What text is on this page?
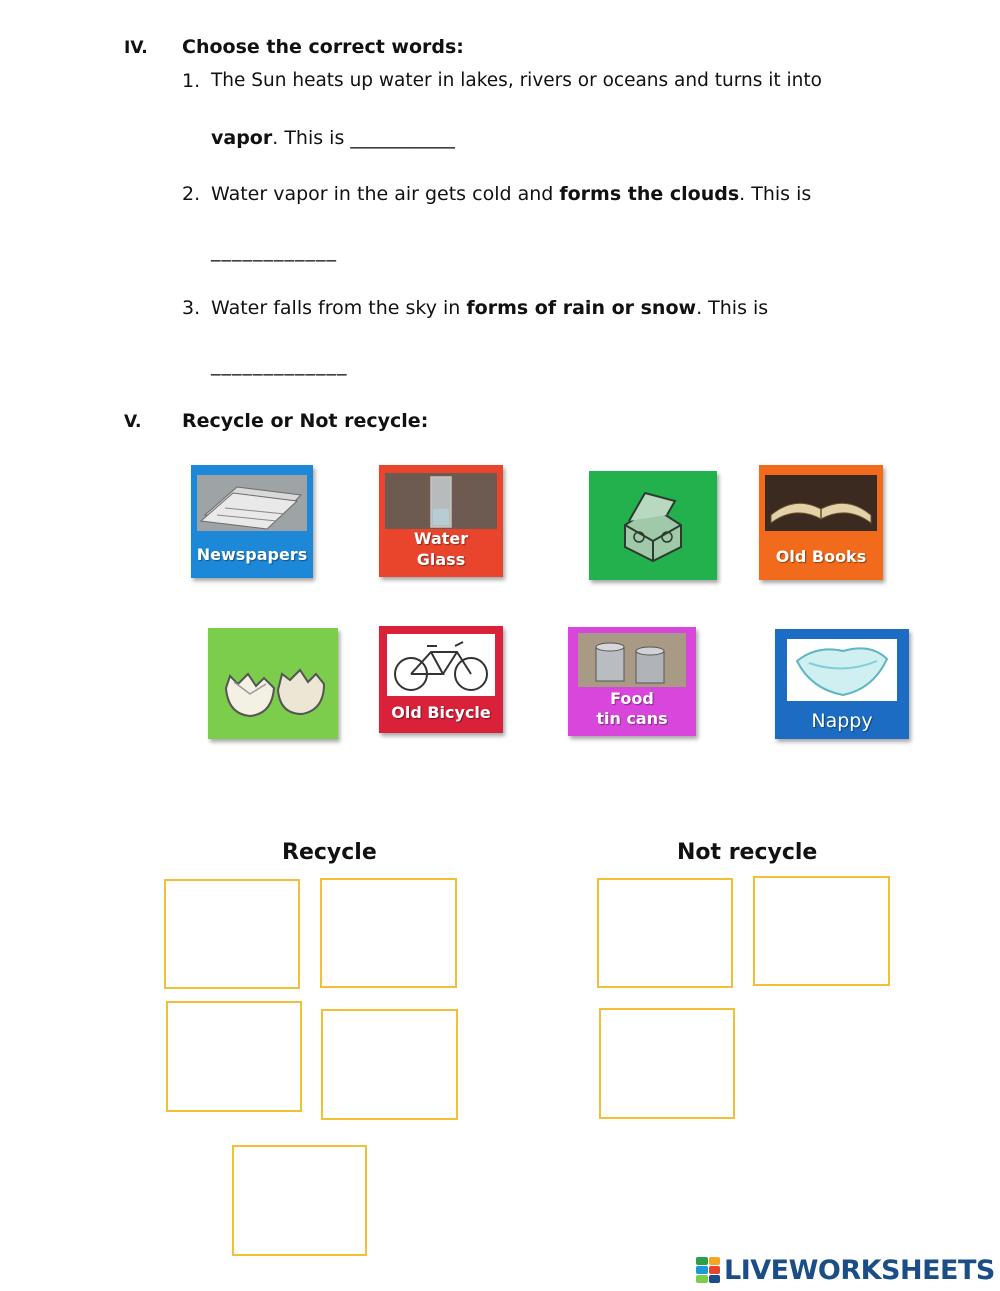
IV. Choose the correct words:
1. The Sun heats up water in lakes, rivers or oceans and turns it into
vapor. This is ___________
2. Water vapor in the air gets cold and forms the clouds. This is
____________
3. Water falls from the sky in forms of rain or snow. This is
_____________
V. Recycle or Not recycle:
Newspapers
Water
Glass	Old Books
Old Bicycle
Food
tin cans	Nappy
Recycle	Not recycle
LIVEWORKSHEETS
